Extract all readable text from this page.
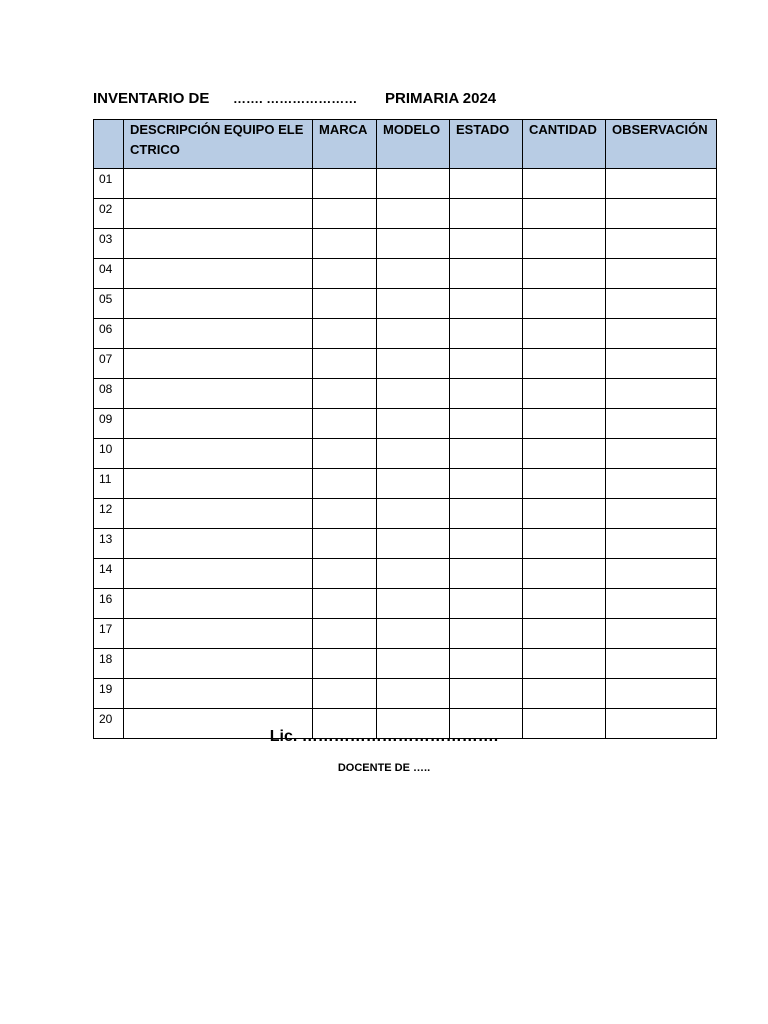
INVENTARIO DE ……. ………………… PRIMARIA 2024
	DESCRIPCIÓN EQUIPO ELECTRICO	MARCA	MODELO	ESTADO	CANTIDAD	OBSERVACIÓN
01						
02						
03						
04						
05						
06						
07						
08						
09						
10						
11						
12						
13						
14						
16						
17						
18						
19						
20						
Lic. ……………………………….
DOCENTE DE …..
